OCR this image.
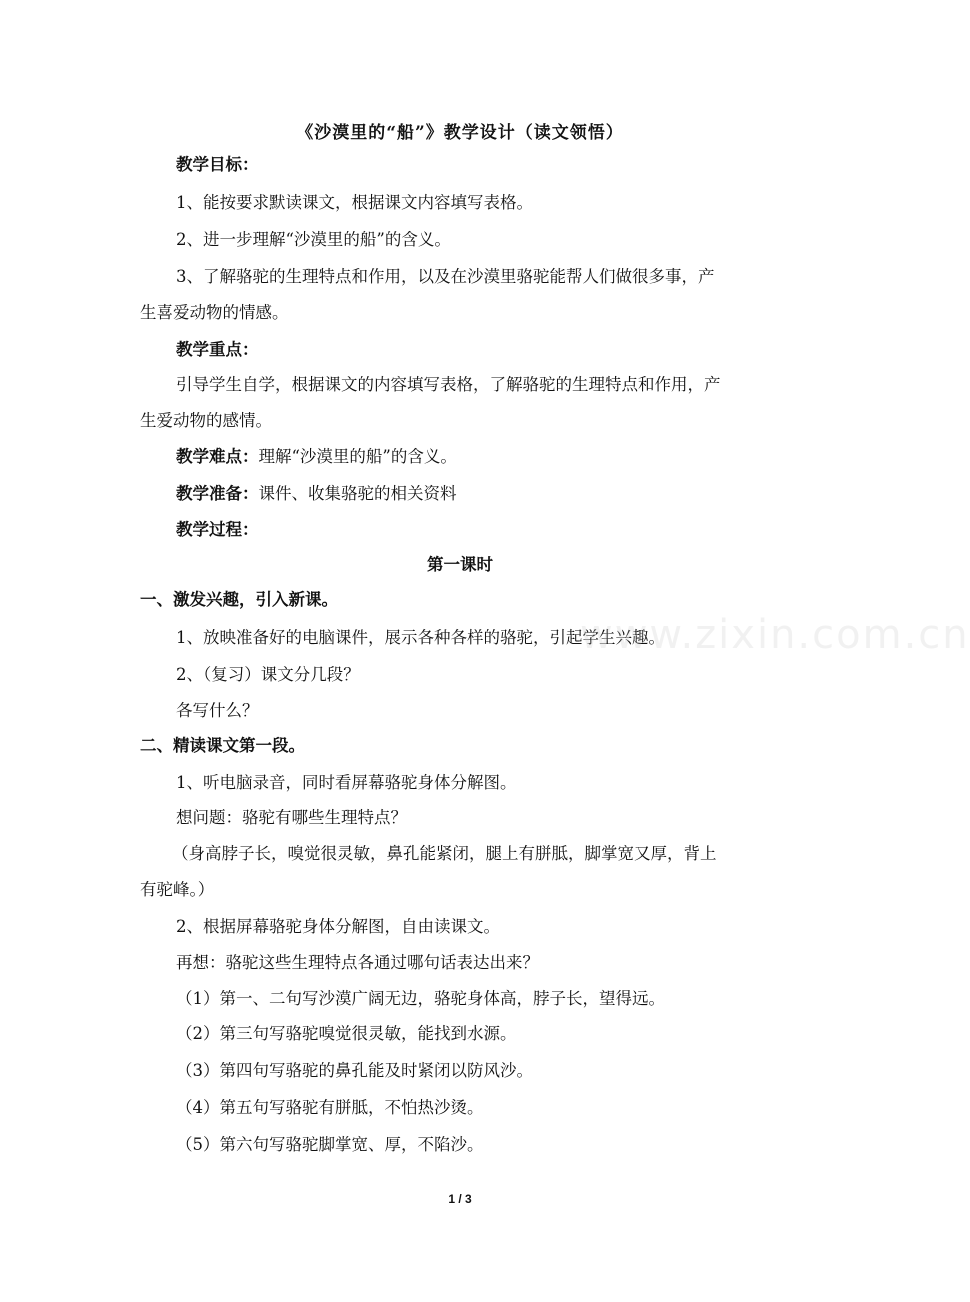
《沙漠里的“船”》教学设计（读文领悟）
教学目标：
1、能按要求默读课文，根据课文内容填写表格。
2、进一步理解“沙漠里的船”的含义。
3、了解骆驼的生理特点和作用，以及在沙漠里骆驼能帮人们做很多事，产
生喜爱动物的情感。
教学重点：
引导学生自学，根据课文的内容填写表格，了解骆驼的生理特点和作用，产
生爱动物的感情。
教学难点：理解“沙漠里的船”的含义。
教学准备：课件、收集骆驼的相关资料
教学过程：
第一课时
一、激发兴趣，引入新课。
1、放映准备好的电脑课件，展示各种各样的骆驼，引起学生兴趣。
2、（复习）课文分几段？
各写什么？
二、精读课文第一段。
1、听电脑录音，同时看屏幕骆驼身体分解图。
想问题：骆驼有哪些生理特点？
（身高脖子长，嗅觉很灵敏，鼻孔能紧闭，腿上有胼胝，脚掌宽又厚，背上
有驼峰。）
2、根据屏幕骆驼身体分解图，自由读课文。
再想：骆驼这些生理特点各通过哪句话表达出来？
（1）第一、二句写沙漠广阔无边，骆驼身体高，脖子长，望得远。
（2）第三句写骆驼嗅觉很灵敏，能找到水源。
（3）第四句写骆驼的鼻孔能及时紧闭以防风沙。
（4）第五句写骆驼有胼胝，不怕热沙烫。
（5）第六句写骆驼脚掌宽、厚，不陷沙。
www.zixin.com.cn
1 / 3
